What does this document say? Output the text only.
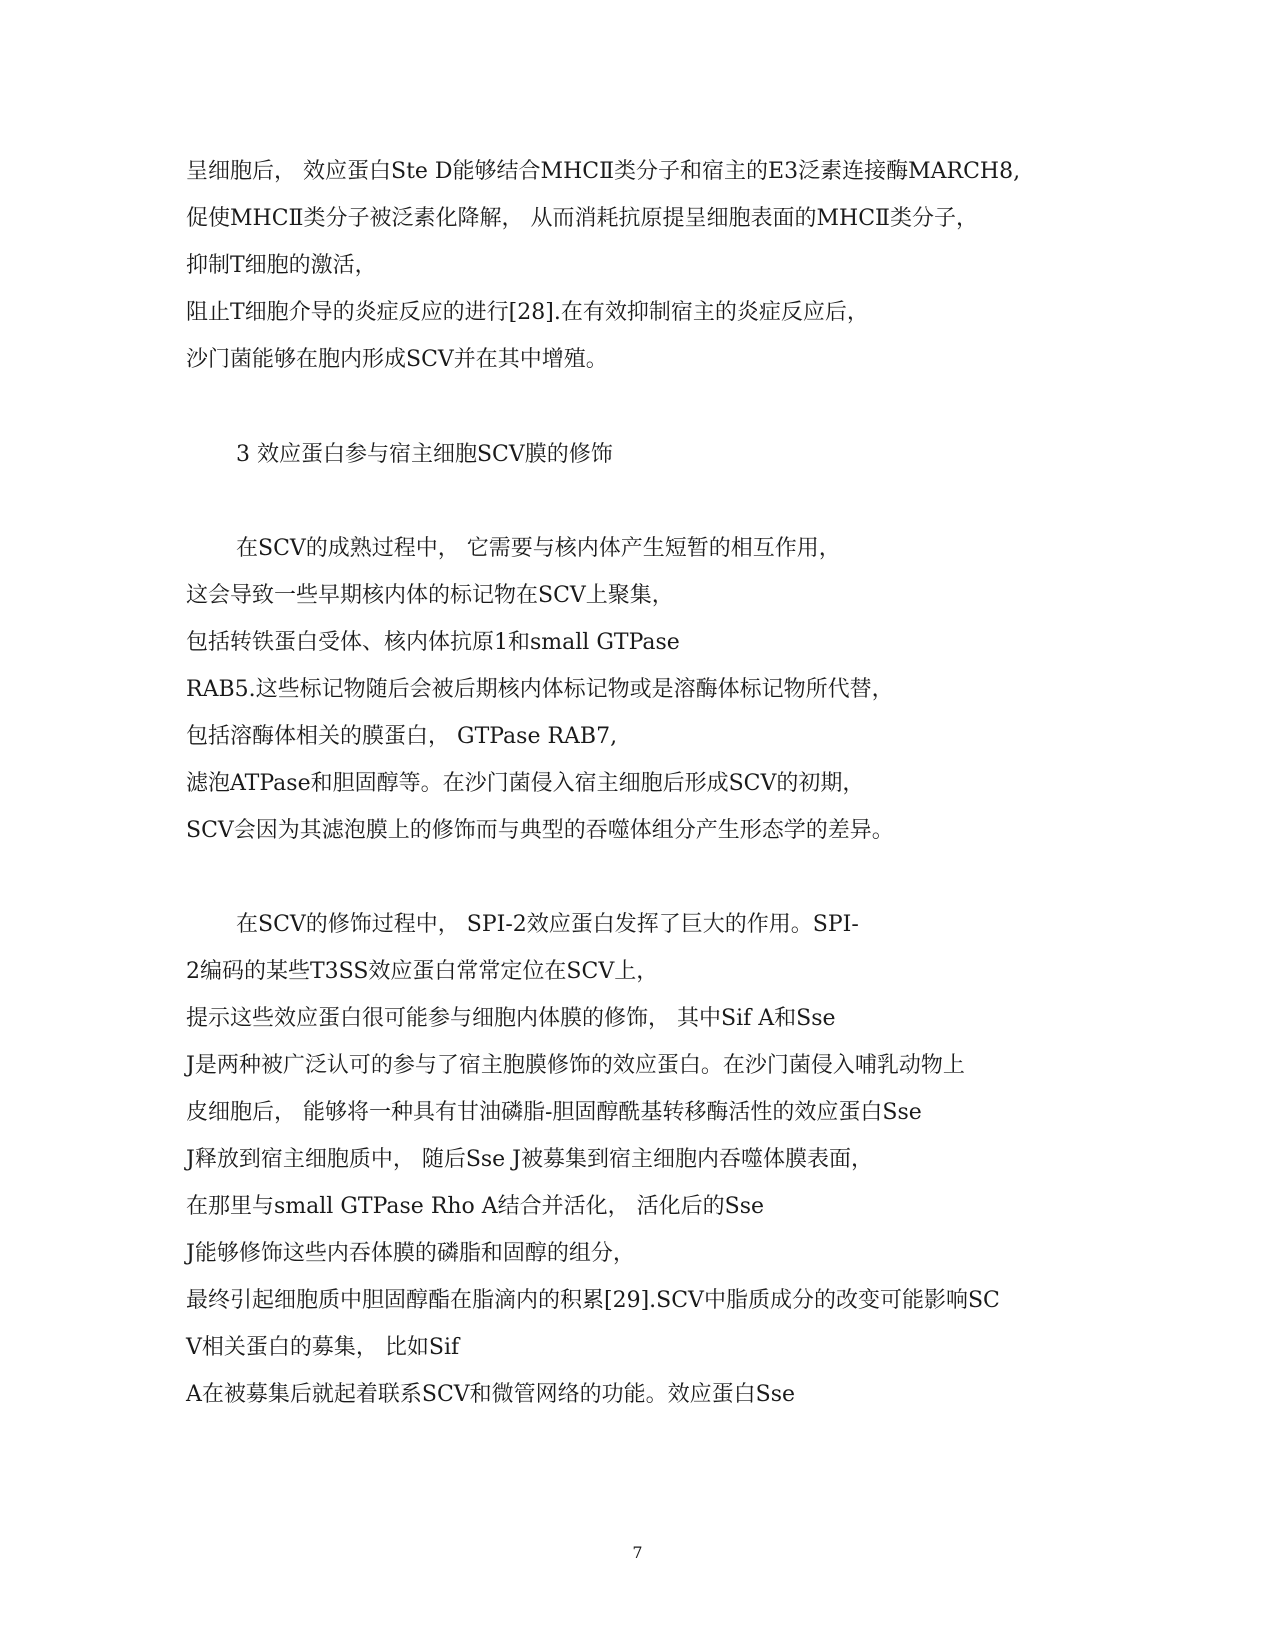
呈细胞后， 效应蛋白Ste D能够结合MHCⅡ类分子和宿主的E3泛素连接酶MARCH8,
促使MHCⅡ类分子被泛素化降解， 从而消耗抗原提呈细胞表面的MHCⅡ类分子，
抑制T细胞的激活，
阻止T细胞介导的炎症反应的进行[28].在有效抑制宿主的炎症反应后，
沙门菌能够在胞内形成SCV并在其中增殖。
3 效应蛋白参与宿主细胞SCV膜的修饰
在SCV的成熟过程中， 它需要与核内体产生短暂的相互作用，
这会导致一些早期核内体的标记物在SCV上聚集，
包括转铁蛋白受体、核内体抗原1和small GTPase
RAB5.这些标记物随后会被后期核内体标记物或是溶酶体标记物所代替，
包括溶酶体相关的膜蛋白， GTPase RAB7,
滤泡ATPase和胆固醇等。在沙门菌侵入宿主细胞后形成SCV的初期，
SCV会因为其滤泡膜上的修饰而与典型的吞噬体组分产生形态学的差异。
在SCV的修饰过程中， SPI-2效应蛋白发挥了巨大的作用。SPI-
2编码的某些T3SS效应蛋白常常定位在SCV上，
提示这些效应蛋白很可能参与细胞内体膜的修饰， 其中Sif A和Sse
J是两种被广泛认可的参与了宿主胞膜修饰的效应蛋白。在沙门菌侵入哺乳动物上
皮细胞后， 能够将一种具有甘油磷脂-胆固醇酰基转移酶活性的效应蛋白Sse
J释放到宿主细胞质中， 随后Sse J被募集到宿主细胞内吞噬体膜表面，
在那里与small GTPase Rho A结合并活化， 活化后的Sse
J能够修饰这些内吞体膜的磷脂和固醇的组分，
最终引起细胞质中胆固醇酯在脂滴内的积累[29].SCV中脂质成分的改变可能影响SC
V相关蛋白的募集， 比如Sif
A在被募集后就起着联系SCV和微管网络的功能。效应蛋白Sse
7
